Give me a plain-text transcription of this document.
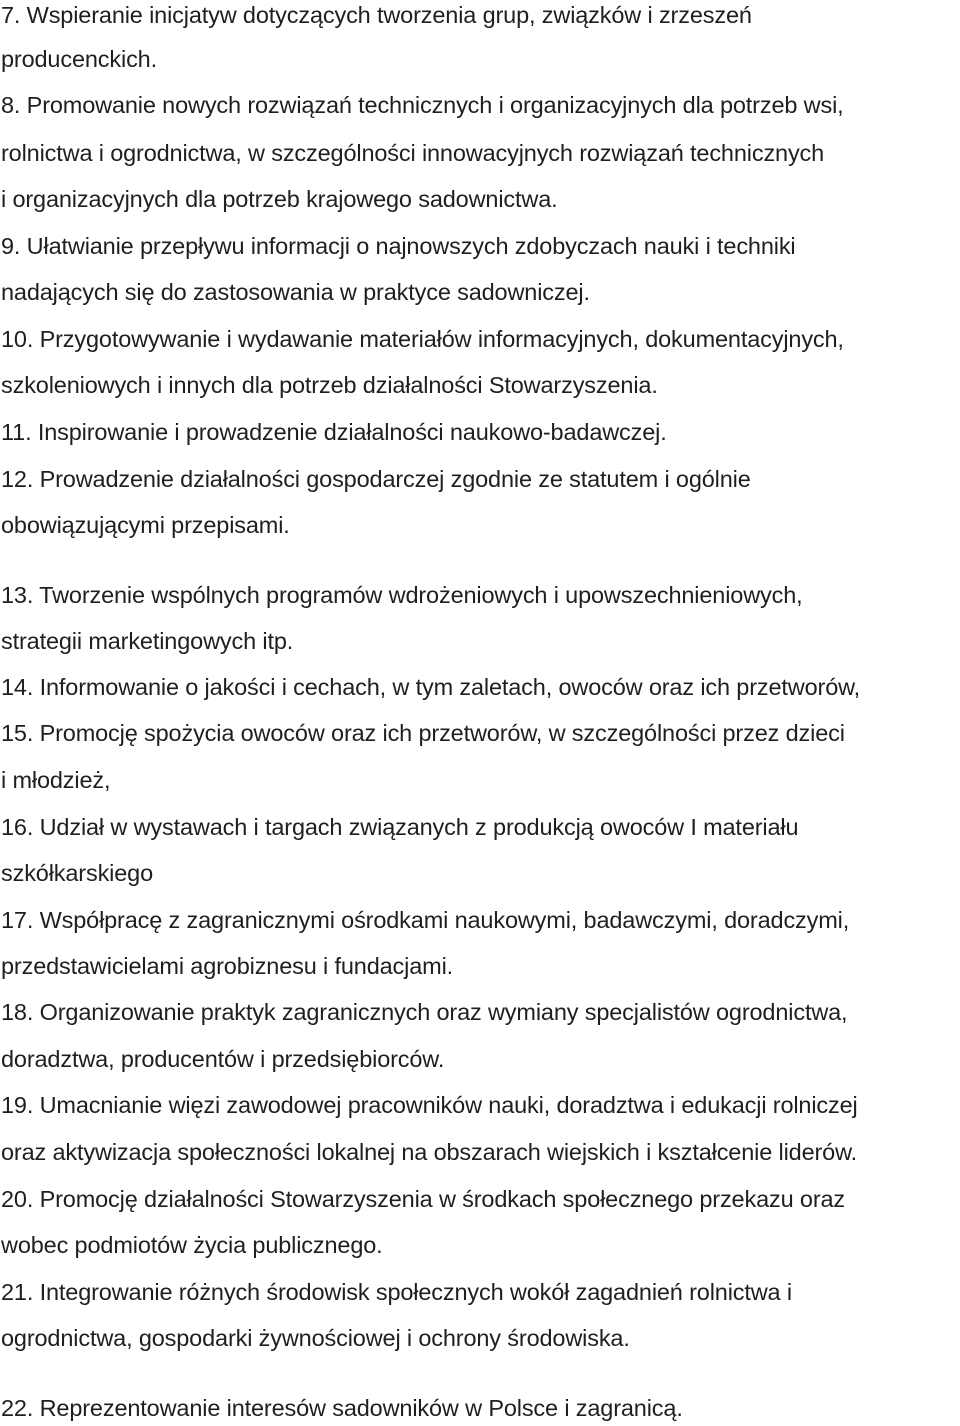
7. Wspieranie inicjatyw dotyczących tworzenia grup, związków i zrzeszeń
producenckich.
8. Promowanie nowych rozwiązań technicznych i organizacyjnych dla potrzeb wsi,
rolnictwa i ogrodnictwa, w szczególności innowacyjnych rozwiązań technicznych
i organizacyjnych dla potrzeb krajowego sadownictwa.
9. Ułatwianie przepływu informacji o najnowszych zdobyczach nauki i techniki
nadających się do zastosowania w praktyce sadowniczej.
10. Przygotowywanie i wydawanie materiałów informacyjnych, dokumentacyjnych,
szkoleniowych i innych dla potrzeb działalności Stowarzyszenia.
11. Inspirowanie i prowadzenie działalności naukowo-badawczej.
12. Prowadzenie działalności gospodarczej zgodnie ze statutem i ogólnie
obowiązującymi przepisami.
13. Tworzenie wspólnych programów wdrożeniowych i upowszechnieniowych,
strategii marketingowych itp.
14. Informowanie o jakości i cechach, w tym zaletach, owoców oraz ich przetworów,
15. Promocję spożycia owoców oraz ich przetworów, w szczególności przez dzieci
i młodzież,
16. Udział w wystawach i targach związanych z produkcją owoców I materiału
szkółkarskiego
17. Współpracę z zagranicznymi ośrodkami naukowymi, badawczymi, doradczymi,
przedstawicielami agrobiznesu i fundacjami.
18. Organizowanie praktyk zagranicznych oraz wymiany specjalistów ogrodnictwa,
doradztwa, producentów i przedsiębiorców.
19. Umacnianie więzi zawodowej pracowników nauki, doradztwa i edukacji rolniczej
oraz aktywizacja społeczności lokalnej na obszarach wiejskich i kształcenie liderów.
20. Promocję działalności Stowarzyszenia w środkach społecznego przekazu oraz
wobec podmiotów życia publicznego.
21. Integrowanie różnych środowisk społecznych wokół zagadnień rolnictwa i
ogrodnictwa, gospodarki żywnościowej i ochrony środowiska.
22. Reprezentowanie interesów sadowników w Polsce i zagranicą.
